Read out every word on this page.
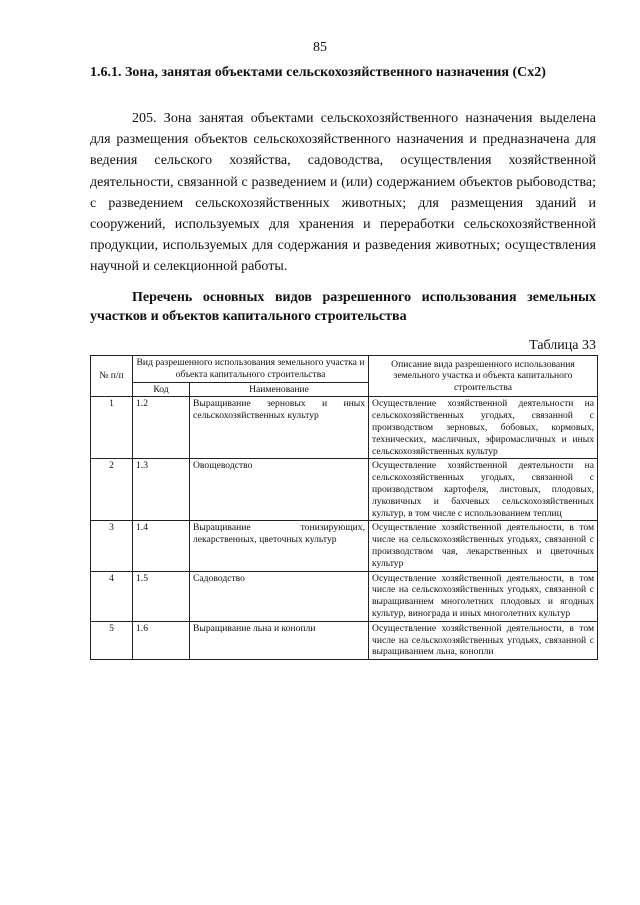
85
1.6.1. Зона, занятая объектами сельскохозяйственного назначения (Сх2)
205. Зона занятая объектами сельскохозяйственного назначения выделена для размещения объектов сельскохозяйственного назначения и предназначена для ведения сельского хозяйства, садоводства, осуществления хозяйственной деятельности, связанной с разведением и (или) содержанием объектов рыбоводства; с разведением сельскохозяйственных животных; для размещения зданий и сооружений, используемых для хранения и переработки сельскохозяйственной продукции, используемых для содержания и разведения животных; осуществления научной и селекционной работы.
Перечень основных видов разрешенного использования земельных участков и объектов капитального строительства
Таблица 33
№ п/п	Вид разрешенного использования земельного участка и объекта капитального строительства		Описание вида разрешенного использования земельного участка и объекта капитального строительства
	Код	Наименование	
1	1.2	Выращивание зерновых и иных сельскохозяйственных культур	Осуществление хозяйственной деятельности на сельскохозяйственных угодьях, связанной с производством зерновых, бобовых, кормовых, технических, масличных, эфиромасличных и иных сельскохозяйственных культур
2	1.3	Овощеводство	Осуществление хозяйственной деятельности на сельскохозяйственных угодьях, связанной с производством картофеля, листовых, плодовых, луковичных и бахчевых сельскохозяйственных культур, в том числе с использованием теплиц
3	1.4	Выращивание тонизирующих, лекарственных, цветочных культур	Осуществление хозяйственной деятельности, в том числе на сельскохозяйственных угодьях, связанной с производством чая, лекарственных и цветочных культур
4	1.5	Садоводство	Осуществление хозяйственной деятельности, в том числе на сельскохозяйственных угодьях, связанной с выращиванием многолетних плодовых и ягодных культур, винограда и иных многолетних культур
5	1.6	Выращивание льна и конопли	Осуществление хозяйственной деятельности, в том числе на сельскохозяйственных угодьях, связанной с выращиванием льна, конопли
